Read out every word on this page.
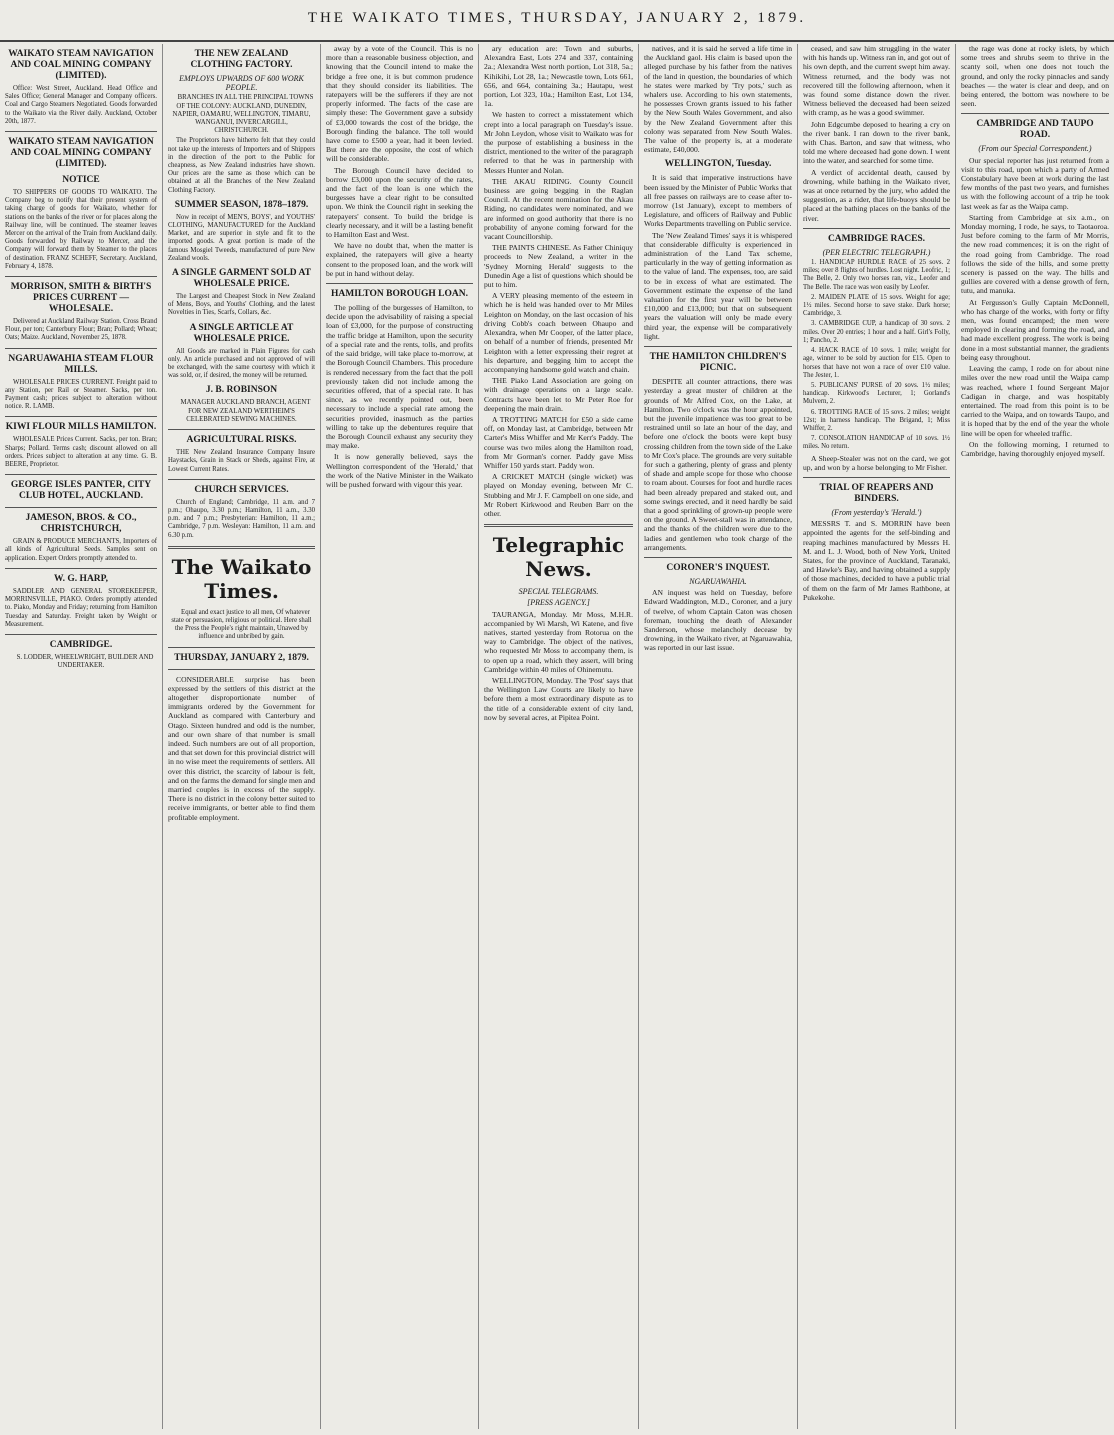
THE WAIKATO TIMES, THURSDAY, JANUARY 2, 1879.
WAIKATO STEAM NAVIGATION AND COAL MINING COMPANY (LIMITED).

Office: West Street, Auckland. Head Office and Sales Office; General Manager and Company officers. Coal and Cargo Steamers Negotiated. Goods forwarded to the Waikato via the River daily. Auckland, October 20th, 1877.

WAIKATO STEAM NAVIGATION AND COAL MINING COMPANY (LIMITED).
NOTICE

TO SHIPPERS OF GOODS TO WAIKATO. The Company beg to notify that their present system of taking charge of goods for Waikato, whether for stations on the banks of the river or for places along the Railway line, will be continued. The steamer leaves Mercer on the arrival of the Train from Auckland daily. Goods forwarded by Railway to Mercer, and the Company will forward them by Steamer to the places of destination. FRANZ SCHEFF, Secretary. Auckland, February 4, 1878.

MORRISON, SMITH & BIRTH'S PRICES CURRENT — WHOLESALE.

Delivered at Auckland Railway Station. Cross Brand Flour, per ton; Canterbury Flour; Bran; Pollard; Wheat; Oats; Maize. Auckland, November 25, 1878.

NGARUAWAHIA STEAM FLOUR MILLS.

WHOLESALE PRICES CURRENT. Freight paid to any Station, per Rail or Steamer. Sacks, per ton. Payment cash; prices subject to alteration without notice. R. LAMB.

KIWI FLOUR MILLS HAMILTON.

WHOLESALE Prices Current. Sacks, per ton. Bran; Sharps; Pollard. Terms cash; discount allowed on all orders. Prices subject to alteration at any time. G. B. BEERE, Proprietor.

GEORGE ISLES PANTER, CITY CLUB HOTEL, AUCKLAND.
JAMESON, BROS. & CO., CHRISTCHURCH,

GRAIN & PRODUCE MERCHANTS, Importers of all kinds of Agricultural Seeds. Samples sent on application. Expert Orders promptly attended to.

W. G. HARP,

SADDLER AND GENERAL STOREKEEPER, MORRINSVILLE, PIAKO. Orders promptly attended to. Piako, Monday and Friday; returning from Hamilton Tuesday and Saturday. Freight taken by Weight or Measurement.

CAMBRIDGE.

S. LODDER, WHEELWRIGHT, BUILDER AND UNDERTAKER.

THE NEW ZEALAND CLOTHING FACTORY.
EMPLOYS UPWARDS OF 600 WORK PEOPLE.

BRANCHES IN ALL THE PRINCIPAL TOWNS OF THE COLONY: AUCKLAND, DUNEDIN, NAPIER, OAMARU, WELLINGTON, TIMARU, WANGANUI, INVERCARGILL, CHRISTCHURCH.

The Proprietors have hitherto felt that they could not take up the interests of Importers and of Shippers in the direction of the port to the Public for cheapness, as New Zealand industries have shown. Our prices are the same as those which can be obtained at all the Branches of the New Zealand Clothing Factory.

SUMMER SEASON, 1878–1879.

Now in receipt of MEN'S, BOYS', and YOUTHS' CLOTHING, MANUFACTURED for the Auckland Market, and are superior in style and fit to the imported goods. A great portion is made of the famous Mosgiel Tweeds, manufactured of pure New Zealand wools.

A SINGLE GARMENT SOLD AT WHOLESALE PRICE.

The Largest and Cheapest Stock in New Zealand of Mens, Boys, and Youths' Clothing, and the latest Novelties in Ties, Scarfs, Collars, &c.

A SINGLE ARTICLE AT WHOLESALE PRICE.

All Goods are marked in Plain Figures for cash only. An article purchased and not approved of will be exchanged, with the same courtesy with which it was sold, or, if desired, the money will be returned.

J. B. ROBINSON

MANAGER AUCKLAND BRANCH, AGENT FOR NEW ZEALAND WERTHEIM'S CELEBRATED SEWING MACHINES.

AGRICULTURAL RISKS.

THE New Zealand Insurance Company Insure Haystacks, Grain in Stack or Sheds, against Fire, at Lowest Current Rates.

CHURCH SERVICES.

Church of England; Cambridge, 11 a.m. and 7 p.m.; Ohaupo, 3.30 p.m.; Hamilton, 11 a.m., 3.30 p.m. and 7 p.m.; Presbyterian: Hamilton, 11 a.m.; Cambridge, 7 p.m. Wesleyan: Hamilton, 11 a.m. and 6.30 p.m.

The Waikato Times.

Equal and exact justice to all men, Of whatever state or persuasion, religious or political. Here shall the Press the People's right maintain, Unawed by influence and unbribed by gain.

THURSDAY, JANUARY 2, 1879.

CONSIDERABLE surprise has been expressed by the settlers of this district at the altogether disproportionate number of immigrants ordered by the Government for Auckland as compared with Canterbury and Otago. Sixteen hundred and odd is the number, and our own share of that number is small indeed. Such numbers are out of all proportion, and that set down for this provincial district will in no wise meet the requirements of settlers. All over this district, the scarcity of labour is felt, and on the farms the demand for single men and married couples is in excess of the supply. There is no district in the colony better suited to receive immigrants, or better able to find them profitable employment.

away by a vote of the Council. This is no more than a reasonable business objection, and knowing that the Council intend to make the bridge a free one, it is but common prudence that they should consider its liabilities. The ratepayers will be the sufferers if they are not properly informed. The facts of the case are simply these: The Government gave a subsidy of £3,000 towards the cost of the bridge, the Borough finding the balance. The toll would have come to £500 a year, had it been levied. But there are the opposite, the cost of which will be considerable.

The Borough Council have decided to borrow £3,000 upon the security of the rates, and the fact of the loan is one which the burgesses have a clear right to be consulted upon. We think the Council right in seeking the ratepayers' consent. To build the bridge is clearly necessary, and it will be a lasting benefit to Hamilton East and West.

We have no doubt that, when the matter is explained, the ratepayers will give a hearty consent to the proposed loan, and the work will be put in hand without delay.

HAMILTON BOROUGH LOAN.

The polling of the burgesses of Hamilton, to decide upon the advisability of raising a special loan of £3,000, for the purpose of constructing the traffic bridge at Hamilton, upon the security of a special rate and the rents, tolls, and profits of the said bridge, will take place to-morrow, at the Borough Council Chambers. This procedure is rendered necessary from the fact that the poll previously taken did not include among the securities offered, that of a special rate. It has since, as we recently pointed out, been necessary to include a special rate among the securities provided, inasmuch as the parties willing to take up the debentures require that the Borough Council exhaust any security they may make.

It is now generally believed, says the Wellington correspondent of the 'Herald,' that the work of the Native Minister in the Waikato will be pushed forward with vigour this year.

ary education are: Town and suburbs, Alexandra East, Lots 274 and 337, containing 2a.; Alexandra West north portion, Lot 318, 5a.; Kihikihi, Lot 28, 1a.; Newcastle town, Lots 661, 656, and 664, containing 3a.; Hautapu, west portion, Lot 323, 10a.; Hamilton East, Lot 134, 1a.

We hasten to correct a misstatement which crept into a local paragraph on Tuesday's issue. Mr John Leydon, whose visit to Waikato was for the purpose of establishing a business in the district, mentioned to the writer of the paragraph referred to that he was in partnership with Messrs Hunter and Nolan.

THE AKAU RIDING. County Council business are going begging in the Raglan Council. At the recent nomination for the Akau Riding, no candidates were nominated, and we are informed on good authority that there is no probability of anyone coming forward for the vacant Councillorship.

THE PAINTS CHINESE. As Father Chiniquy proceeds to New Zealand, a writer in the 'Sydney Morning Herald' suggests to the Dunedin Age a list of questions which should be put to him.

A VERY pleasing memento of the esteem in which he is held was handed over to Mr Miles Leighton on Monday, on the last occasion of his driving Cobb's coach between Ohaupo and Alexandra, when Mr Cooper, of the latter place, on behalf of a number of friends, presented Mr Leighton with a letter expressing their regret at his departure, and begging him to accept the accompanying handsome gold watch and chain.

THE Piako Land Association are going on with drainage operations on a large scale. Contracts have been let to Mr Peter Roe for deepening the main drain.

A TROTTING MATCH for £50 a side came off, on Monday last, at Cambridge, between Mr Carter's Miss Whiffer and Mr Kerr's Paddy. The course was two miles along the Hamilton road, from Mr Gorman's corner. Paddy gave Miss Whiffer 150 yards start. Paddy won.

A CRICKET MATCH (single wicket) was played on Monday evening, between Mr C. Stubbing and Mr J. F. Campbell on one side, and Mr Robert Kirkwood and Reuben Barr on the other.

Telegraphic News.
SPECIAL TELEGRAMS.
[PRESS AGENCY.]

TAURANGA, Monday. Mr Moss, M.H.R. accompanied by Wi Marsh, Wi Katene, and five natives, started yesterday from Rotorua on the way to Cambridge. The object of the natives, who requested Mr Moss to accompany them, is to open up a road, which they assert, will bring Cambridge within 40 miles of Ohinemutu.

WELLINGTON, Monday. The 'Post' says that the Wellington Law Courts are likely to have before them a most extraordinary dispute as to the title of a considerable extent of city land, now by several acres, at Pipitea Point.

natives, and it is said he served a life time in the Auckland gaol. His claim is based upon the alleged purchase by his father from the natives of the land in question, the boundaries of which he states were marked by 'Try pots,' such as whalers use. According to his own statements, he possesses Crown grants issued to his father by the New South Wales Government, and also by the New Zealand Government after this colony was separated from New South Wales. The value of the property is, at a moderate estimate, £40,000.

WELLINGTON, Tuesday.

It is said that imperative instructions have been issued by the Minister of Public Works that all free passes on railways are to cease after to-morrow (1st January), except to members of Legislature, and officers of Railway and Public Works Departments travelling on Public service.

The 'New Zealand Times' says it is whispered that considerable difficulty is experienced in administration of the Land Tax scheme, particularly in the way of getting information as to the value of land. The expenses, too, are said to be in excess of what are estimated. The Government estimate the expense of the land valuation for the first year will be between £10,000 and £13,000; but that on subsequent years the valuation will only be made every third year, the expense will be comparatively light.

THE HAMILTON CHILDREN'S PICNIC.

DESPITE all counter attractions, there was yesterday a great muster of children at the grounds of Mr Alfred Cox, on the Lake, at Hamilton. Two o'clock was the hour appointed, but the juvenile impatience was too great to be restrained until so late an hour of the day, and before one o'clock the boots were kept busy crossing children from the town side of the Lake to Mr Cox's place. The grounds are very suitable for such a gathering, plenty of grass and plenty of shade and ample scope for those who choose to roam about. Courses for foot and hurdle races had been already prepared and staked out, and some swings erected, and it need hardly be said that a good sprinkling of grown-up people were on the ground. A Sweet-stall was in attendance, and the thanks of the children were due to the ladies and gentlemen who took charge of the arrangements.

CORONER'S INQUEST.
NGARUAWAHIA.

AN inquest was held on Tuesday, before Edward Waddington, M.D., Coroner, and a jury of twelve, of whom Captain Caton was chosen foreman, touching the death of Alexander Sanderson, whose melancholy decease by drowning, in the Waikato river, at Ngaruawahia, was reported in our last issue.

ceased, and saw him struggling in the water with his hands up. Witness ran in, and got out of his own depth, and the current swept him away. Witness returned, and the body was not recovered till the following afternoon, when it was found some distance down the river. Witness believed the deceased had been seized with cramp, as he was a good swimmer.

John Edgcumbe deposed to hearing a cry on the river bank. I ran down to the river bank, with Chas. Barton, and saw that witness, who told me where deceased had gone down. I went into the water, and searched for some time.

A verdict of accidental death, caused by drowning, while bathing in the Waikato river, was at once returned by the jury, who added the suggestion, as a rider, that life-buoys should be placed at the bathing places on the banks of the river.

CAMBRIDGE RACES.
(PER ELECTRIC TELEGRAPH.)

1. HANDICAP HURDLE RACE of 25 sovs. 2 miles; over 8 flights of hurdles. Lost night. Leofric, 1; The Belle, 2. Only two horses ran, viz., Leofer and The Belle. The race was won easily by Leofer.

2. MAIDEN PLATE of 15 sovs. Weight for age; 1½ miles. Second horse to save stake. Dark horse; Cambridge, 3.

3. CAMBRIDGE CUP, a handicap of 30 sovs. 2 miles. Over 20 entries; 1 hour and a half. Girl's Folly, 1; Pancho, 2.

4. HACK RACE of 10 sovs. 1 mile; weight for age, winner to be sold by auction for £15. Open to horses that have not won a race of over £10 value. The Jester, 1.

5. PUBLICANS' PURSE of 20 sovs. 1½ miles; handicap. Kirkwood's Lecturer, 1; Gorland's Mulvern, 2.

6. TROTTING RACE of 15 sovs. 2 miles; weight 12st; in harness handicap. The Brigand, 1; Miss Whiffer, 2.

7. CONSOLATION HANDICAP of 10 sovs. 1½ miles. No return.

A Sheep-Stealer was not on the card, we got up, and won by a horse belonging to Mr Fisher.

TRIAL OF REAPERS AND BINDERS.
(From yesterday's 'Herald.')

MESSRS T. and S. MORRIN have been appointed the agents for the self-binding and reaping machines manufactured by Messrs H. M. and L. J. Wood, both of New York, United States, for the province of Auckland, Taranaki, and Hawke's Bay, and having obtained a supply of those machines, decided to have a public trial of them on the farm of Mr James Rathbone, at Pukekohe.

the rage was done at rocky islets, by which some trees and shrubs seem to thrive in the scanty soil, when one does not touch the ground, and only the rocky pinnacles and sandy beaches — the water is clear and deep, and on being entered, the bottom was nowhere to be seen.

CAMBRIDGE AND TAUPO ROAD.
(From our Special Correspondent.)

Our special reporter has just returned from a visit to this road, upon which a party of Armed Constabulary have been at work during the last few months of the past two years, and furnishes us with the following account of a trip he took last week as far as the Waipa camp.

Starting from Cambridge at six a.m., on Monday morning, I rode, he says, to Taotaoroa. Just before coming to the farm of Mr Morris, the new road commences; it is on the right of the road going from Cambridge. The road follows the side of the hills, and some pretty scenery is passed on the way. The hills and gullies are covered with a dense growth of fern, tutu, and manuka.

At Fergusson's Gully Captain McDonnell, who has charge of the works, with forty or fifty men, was found encamped; the men were employed in clearing and forming the road, and had made excellent progress. The work is being done in a most substantial manner, the gradients being easy throughout.

Leaving the camp, I rode on for about nine miles over the new road until the Waipa camp was reached, where I found Sergeant Major Cadigan in charge, and was hospitably entertained. The road from this point is to be carried to the Waipa, and on towards Taupo, and it is hoped that by the end of the year the whole line will be open for wheeled traffic.

On the following morning, I returned to Cambridge, having thoroughly enjoyed myself.
